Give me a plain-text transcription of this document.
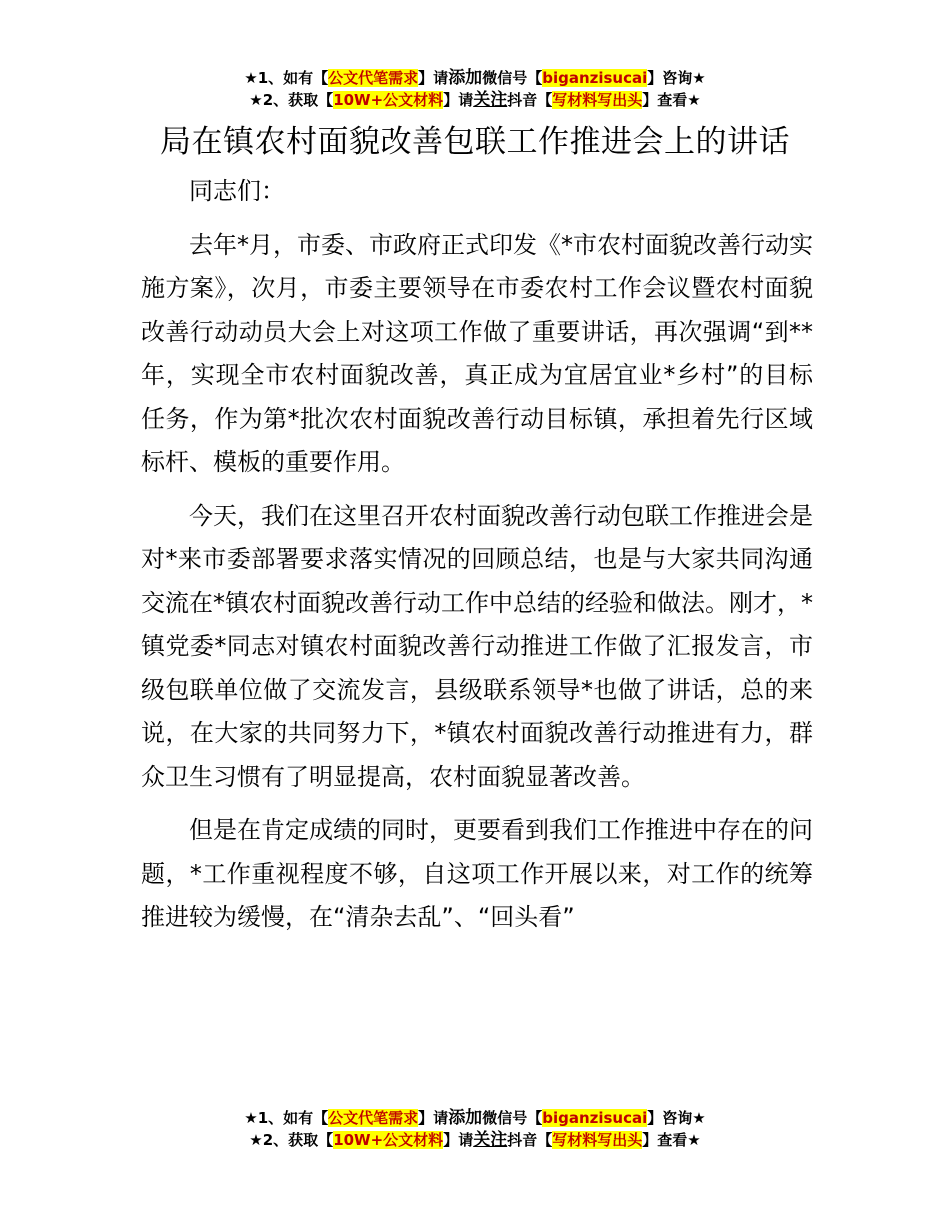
★1、如有【公文代笔需求】请添加微信号【biganzisucai】咨询★
★2、获取【10W+公文材料】请关注抖音【写材料写出头】查看★
局在镇农村面貌改善包联工作推进会上的讲话

同志们：

去年*月，市委、市政府正式印发《*市农村面貌改善行动实施方案》，次月，市委主要领导在市委农村工作会议暨农村面貌改善行动动员大会上对这项工作做了重要讲话，再次强调“到**年，实现全市农村面貌改善，真正成为宜居宜业*乡村”的目标任务，作为第*批次农村面貌改善行动目标镇，承担着先行区域标杆、模板的重要作用。

今天，我们在这里召开农村面貌改善行动包联工作推进会是对*来市委部署要求落实情况的回顾总结，也是与大家共同沟通交流在*镇农村面貌改善行动工作中总结的经验和做法。刚才，*镇党委*同志对镇农村面貌改善行动推进工作做了汇报发言，市级包联单位做了交流发言，县级联系领导*也做了讲话，总的来说，在大家的共同努力下，*镇农村面貌改善行动推进有力，群众卫生习惯有了明显提高，农村面貌显著改善。

但是在肯定成绩的同时，更要看到我们工作推进中存在的问题，*工作重视程度不够，自这项工作开展以来，对工作的统筹推进较为缓慢，在“清杂去乱”、“回头看”

★1、如有【公文代笔需求】请添加微信号【biganzisucai】咨询★
★2、获取【10W+公文材料】请关注抖音【写材料写出头】查看★
